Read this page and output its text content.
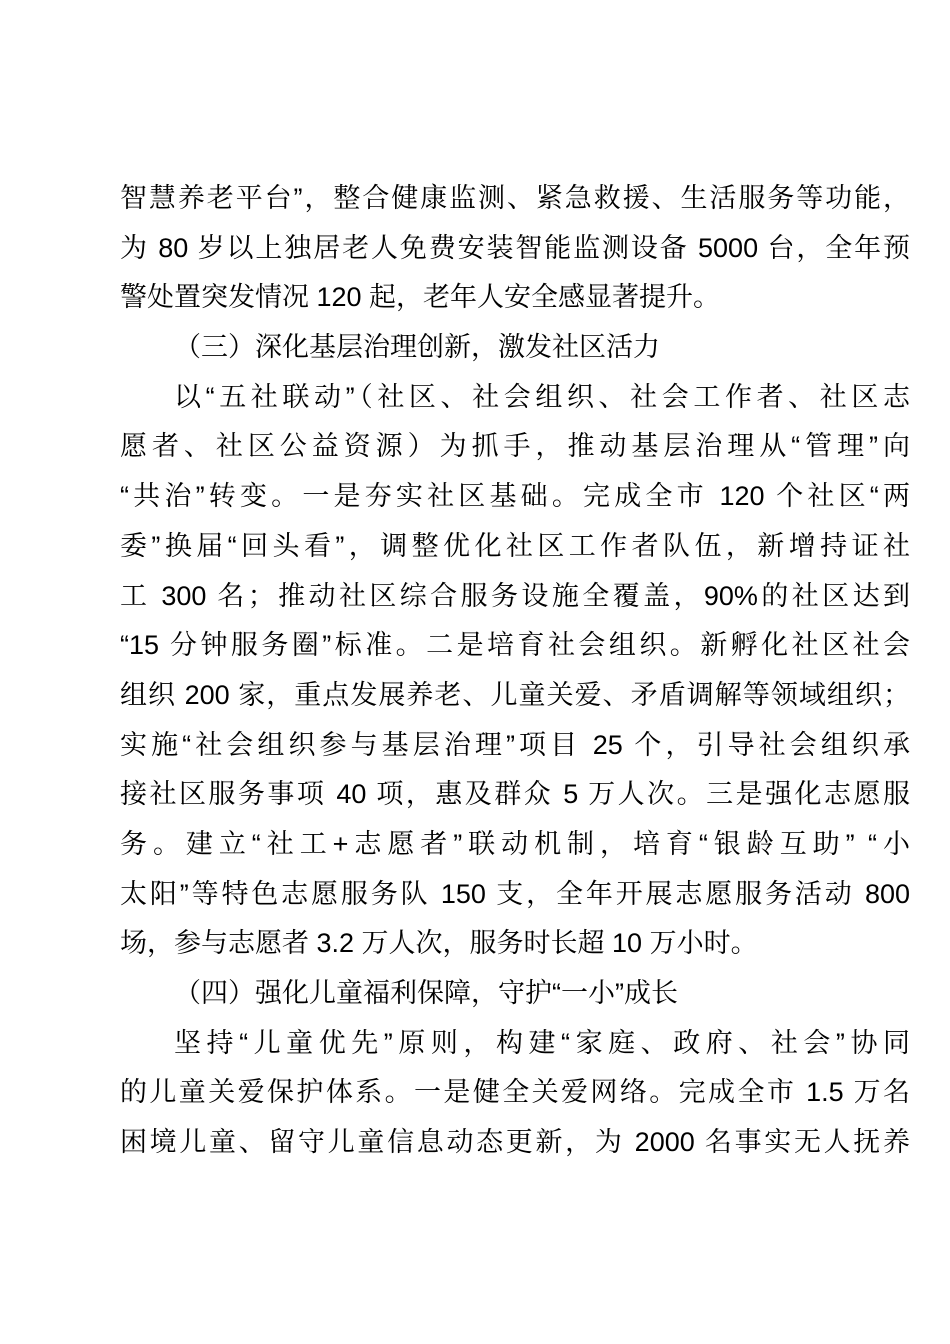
智慧养老平台”，整合健康监测、紧急救援、生活服务等功能，
为 80 岁以上独居老人免费安装智能监测设备 5000 台，全年预
警处置突发情况 120 起，老年人安全感显著提升。
（三）深化基层治理创新，激发社区活力
以“五社联动”（社区、社会组织、社会工作者、社区志
愿者、社区公益资源）为抓手，推动基层治理从“管理”向
“共治”转变。一是夯实社区基础。完成全市 120 个社区“两
委”换届“回头看”，调整优化社区工作者队伍，新增持证社
工 300 名；推动社区综合服务设施全覆盖，90%的社区达到
“15 分钟服务圈”标准。二是培育社会组织。新孵化社区社会
组织 200 家，重点发展养老、儿童关爱、矛盾调解等领域组织；
实施“社会组织参与基层治理”项目 25 个，引导社会组织承
接社区服务事项 40 项，惠及群众 5 万人次。三是强化志愿服
务。建立“社工+志愿者”联动机制，培育“银龄互助” “小
太阳”等特色志愿服务队 150 支，全年开展志愿服务活动 800
场，参与志愿者 3.2 万人次，服务时长超 10 万小时。
（四）强化儿童福利保障，守护“一小”成长
坚持“儿童优先”原则，构建“家庭、政府、社会”协同
的儿童关爱保护体系。一是健全关爱网络。完成全市 1.5 万名
困境儿童、留守儿童信息动态更新，为 2000 名事实无人抚养
